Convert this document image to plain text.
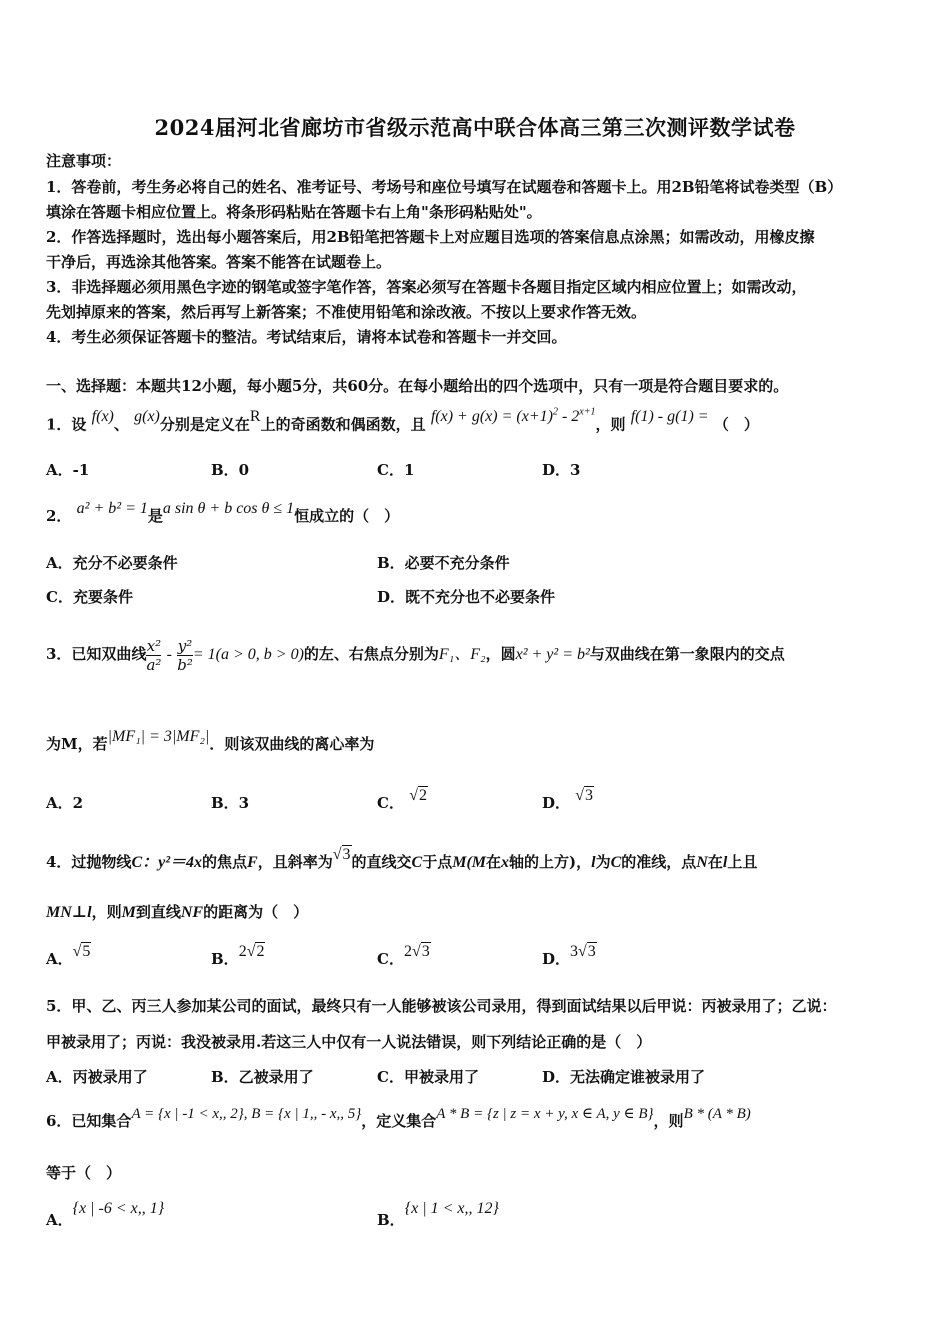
2024届河北省廊坊市省级示范高中联合体高三第三次测评数学试卷
注意事项：
1．答卷前，考生务必将自己的姓名、准考证号、考场号和座位号填写在试题卷和答题卡上。用2B铅笔将试卷类型（B）
填涂在答题卡相应位置上。将条形码粘贴在答题卡右上角"条形码粘贴处"。
2．作答选择题时，选出每小题答案后，用2B铅笔把答题卡上对应题目选项的答案信息点涂黑；如需改动，用橡皮擦
干净后，再选涂其他答案。答案不能答在试题卷上。
3．非选择题必须用黑色字迹的钢笔或签字笔作答，答案必须写在答题卡各题目指定区域内相应位置上；如需改动，
先划掉原来的答案，然后再写上新答案；不准使用铅笔和涂改液。不按以上要求作答无效。
4．考生必须保证答题卡的整洁。考试结束后，请将本试卷和答题卡一并交回。
一、选择题：本题共12小题，每小题5分，共60分。在每小题给出的四个选项中，只有一项是符合题目要求的。
1．设 f(x)、 g(x)分别是定义在R上的奇函数和偶函数，且 $f(x) + g(x) = (x+1)^2 - 2^{x+1}$，则 f(1) - g(1) = （　）
A．-1	B．0	C．1	D．3
2． a² + b² = 1是a sin θ + b cos θ ≤ 1恒成立的（　）
A．充分不必要条件	B．必要不充分条件
C．充要条件	D．既不充分也不必要条件
3．已知双曲线 $\frac{\text{x²}}{\text{a²}} - \frac{\text{y²}}{\text{b²}} = 1(a > 0$, b > 0)的左、右焦点分别为F₁、F₂，圆x² + y² = b²与双曲线在第一象限内的交点
为M，若|MF₁| = 3|MF₂|．则该双曲线的离心率为
A．2	B．3	C． √2	D． √3
4．过抛物线C：y²＝4x的焦点F，且斜率为√3的直线交C于点M(M在x轴的上方)，l为C的准线，点N在l上且
MN⊥l，则M到直线NF的距离为（　）
A．√5	B．2√2	C．2√3	D．3√3
5．甲、乙、丙三人参加某公司的面试，最终只有一人能够被该公司录用，得到面试结果以后甲说：丙被录用了；乙说：
甲被录用了；丙说：我没被录用.若这三人中仅有一人说法错误，则下列结论正确的是（　）
A．丙被录用了	B．乙被录用了	C．甲被录用了	D．无法确定谁被录用了
6．已知集合A = {x | -1 < x,, 2}, B = {x | 1,, - x,, 5}，定义集合A * B = {z | z = x + y, x ∈ A, y ∈ B}，则B * (A * B)
等于（　）
A．{x | -6 < x,, 1}
B．{x | 1 < x,, 12}
